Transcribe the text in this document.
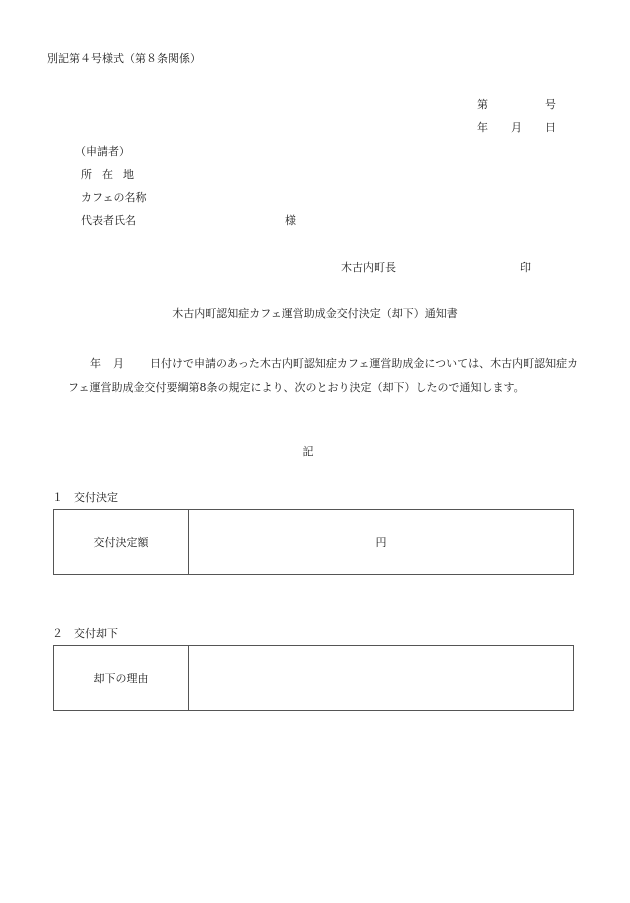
別記第４号様式（第８条関係）
第	号
年 月 日
（申請者）
所在地
カフェの名称
代表者氏名	様
木古内町長	印
木古内町認知症カフェ運営助成金交付決定（却下）通知書
年 月 日付けで申請のあった木古内町認知症カフェ運営助成金については、木古内町認知症カフェ運営助成金交付要綱第8条の規定により、次のとおり決定（却下）したので通知します。
記
１　交付決定
交付決定額	円
２　交付却下
却下の理由	
